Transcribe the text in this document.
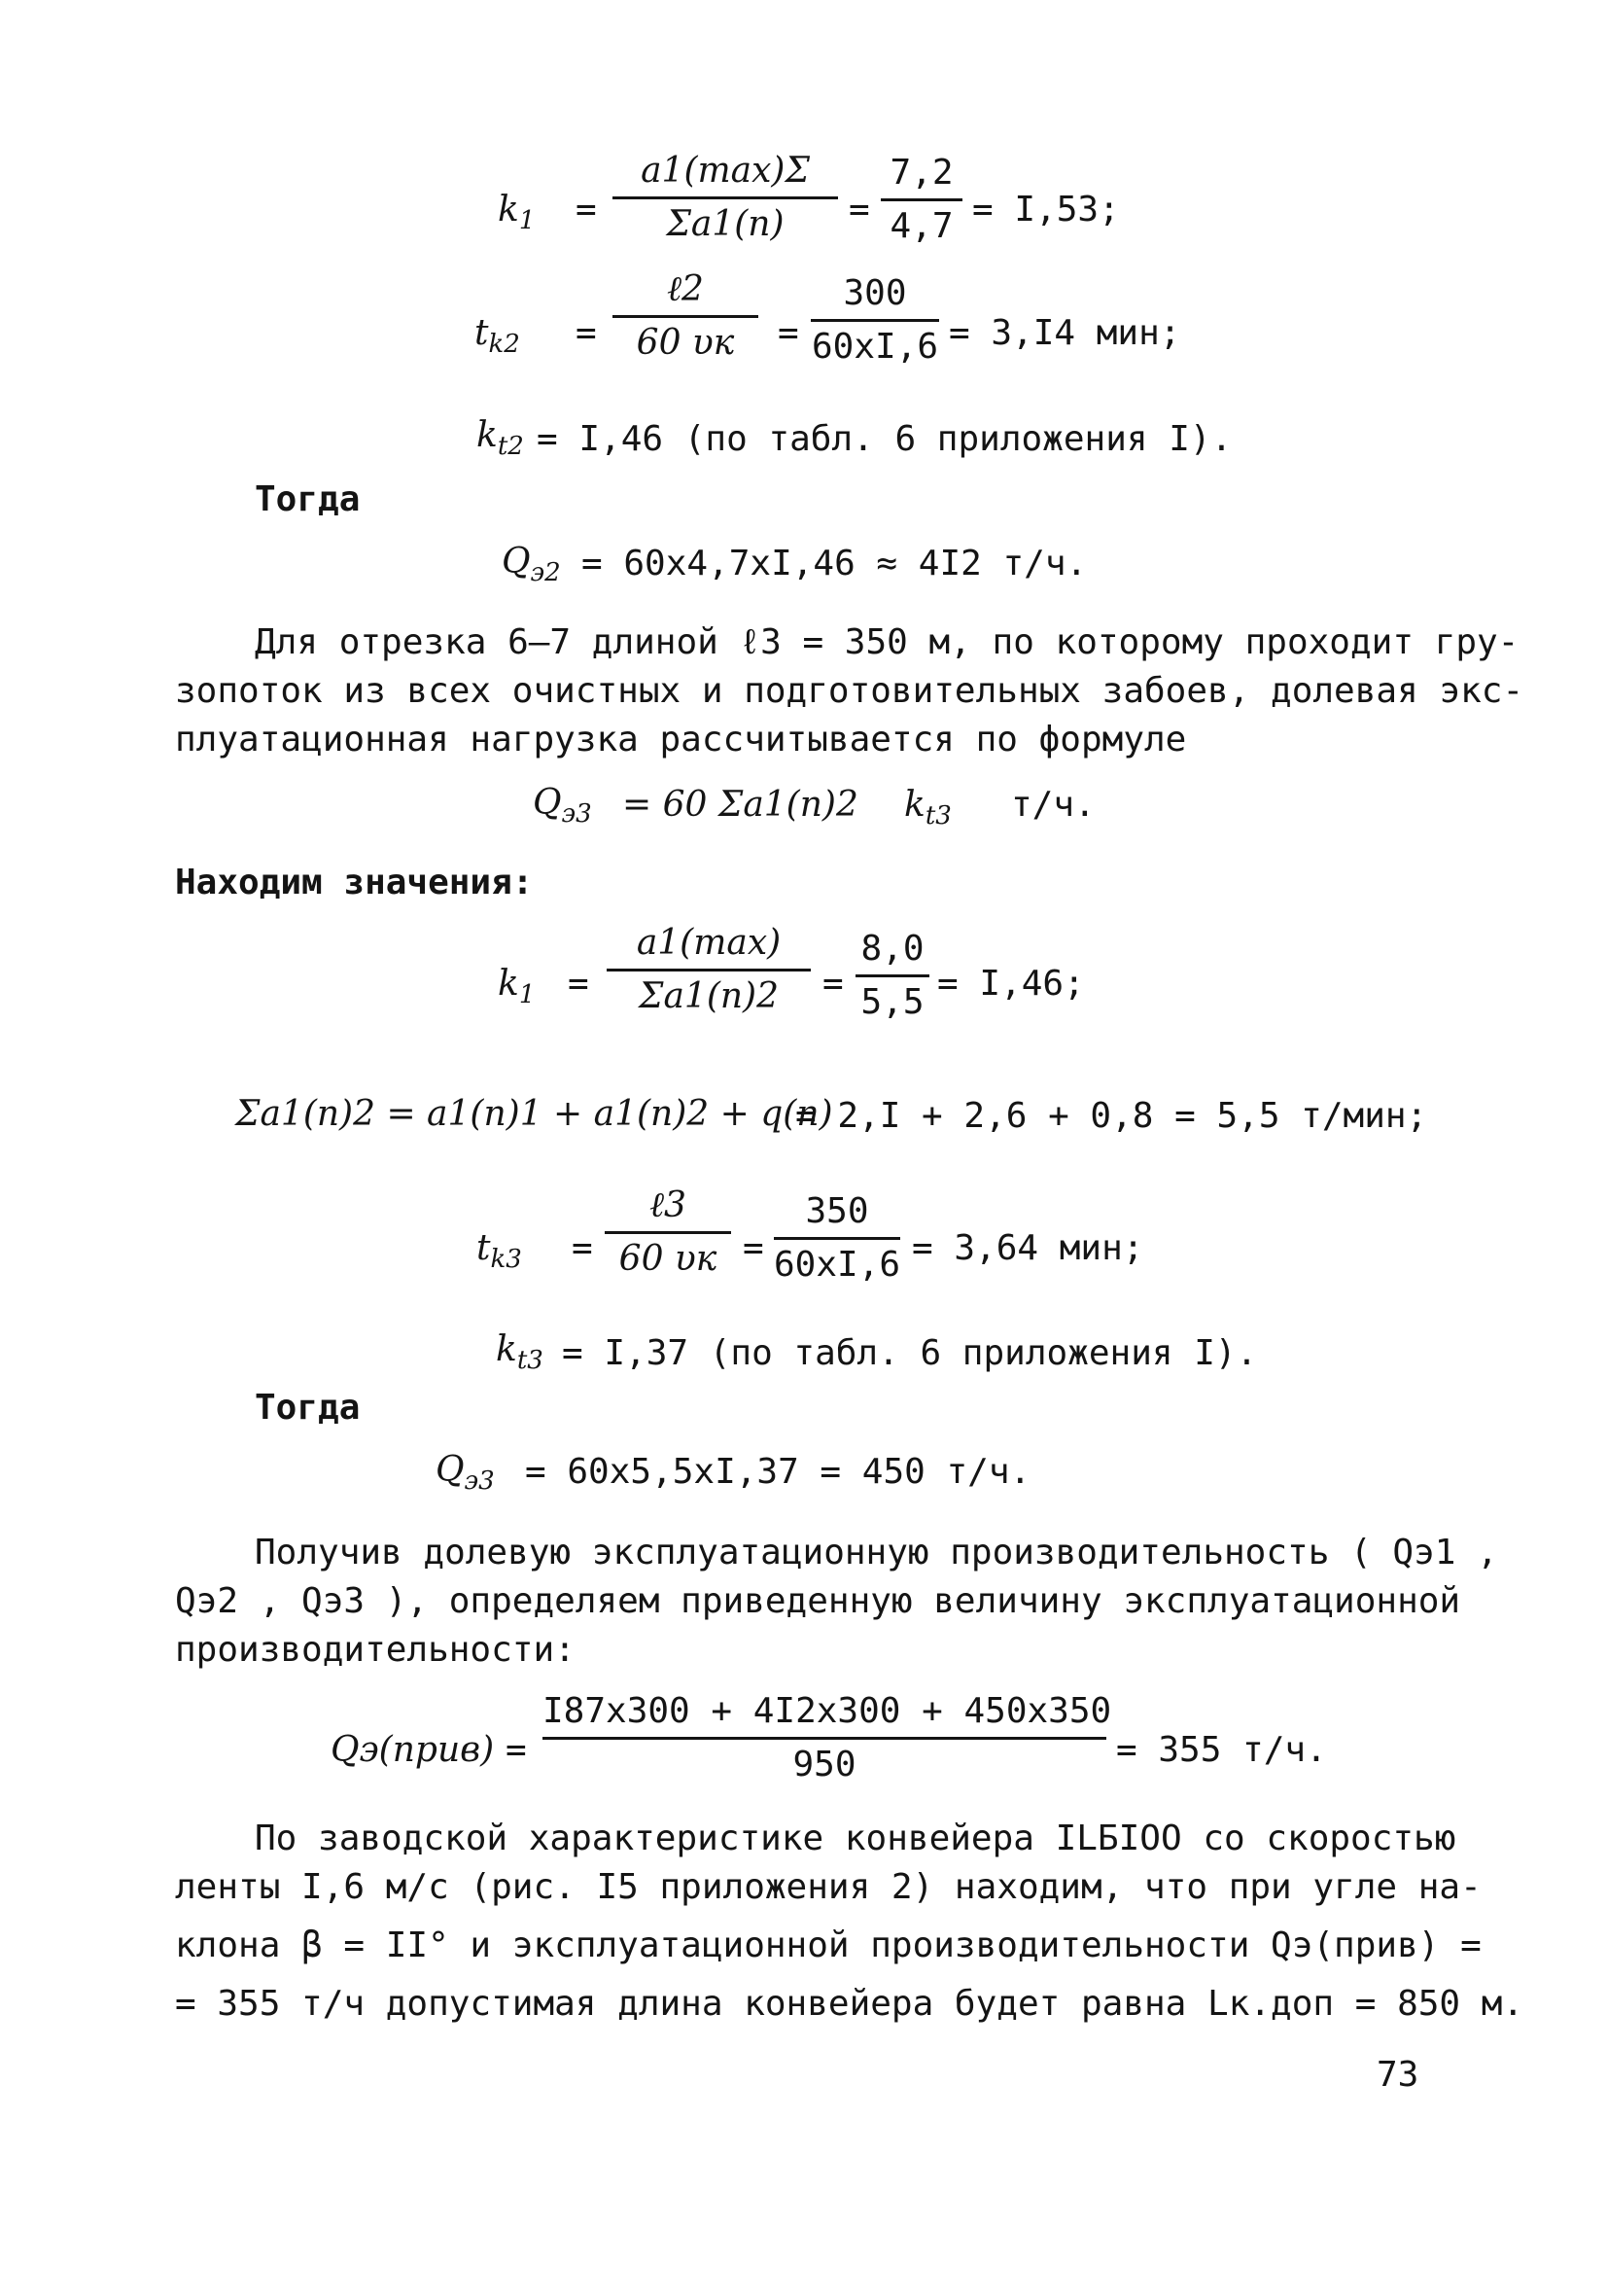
$k_1$ =
a1(max)Σ
Σa1(п)	=
7,2
4,7 = I,53;
$t_{k2}$ =
ℓ2
60 υк	=
300
60xI,6 = 3,I4 мин;
$k_{t2} = I,46$ (по табл. 6 приложения I).
Тогда
$Q_{э2} = 60x4,7xI,46 \approx 4I2$ т/ч.
Для отрезка 6–7 длиной ℓ3 = 350 м, по которому проходит гру-
зопоток из всех очистных и подготовительных забоев, долевая экс-
плуатационная нагрузка рассчитывается по формуле
$Q_{э3} = 60$ Σa1(п)2 $k_{t3}$ т/ч.
Находим значения:
$k_1$ =
a1(max)
Σa1(п)2	=
8,0
5,5 = I,46;
Σa1(п)2 = a1(п)1 + a1(п)2 + q(п)
= 2,I + 2,6 + 0,8 = 5,5 т/мин;
$t_{k3}$ =
ℓ3
60 υк =
350
60xI,6 = 3,64 мин;
$k_{t3} = I,37$ (по табл. 6 приложения I).
Тогда
$Q_{э3} = 60x5,5xI,37 = 450$ т/ч.
Получив долевую эксплуатационную производительность ( Qэ1 ,
Qэ2 , Qэ3 ), определяем приведенную величину эксплуатационной
производительности:
Qэ(прив) =
I87x300 + 4I2x300 + 450x350
950	= 355 т/ч.
По заводской характеристике конвейера ILБIOO со скоростью
ленты I,6 м/с (рис. I5 приложения 2) находим, что при угле на-
клона β = II° и эксплуатационной производительности Qэ(прив) =
= 355 т/ч допустимая длина конвейера будет равна Lк.доп = 850 м.
73
